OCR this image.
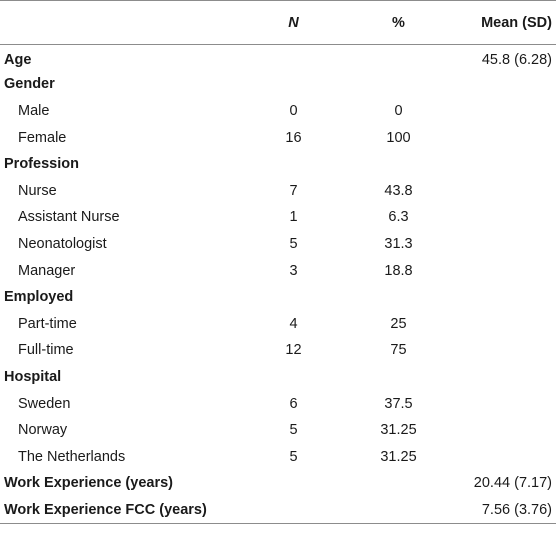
	N	%	Mean (SD)
Age			45.8 (6.28)
Gender			
Male	0	0	
Female	16	100	
Profession			
Nurse	7	43.8	
Assistant Nurse	1	6.3	
Neonatologist	5	31.3	
Manager	3	18.8	
Employed			
Part-time	4	25	
Full-time	12	75	
Hospital			
Sweden	6	37.5	
Norway	5	31.25	
The Netherlands	5	31.25	
Work Experience (years)			20.44 (7.17)
Work Experience FCC (years)			7.56 (3.76)
